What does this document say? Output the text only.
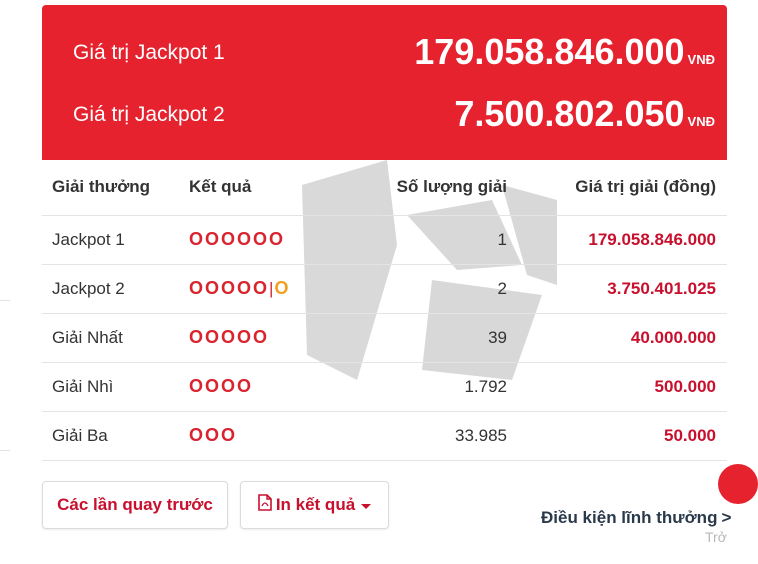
Giá trị Jackpot 1	179.058.846.000 VNĐ
Giá trị Jackpot 2	7.500.802.050 VNĐ
Giải thưởng	Kết quả	Số lượng giải	Giá trị giải (đồng)
Jackpot 1	OOOOOO	1	179.058.846.000
Jackpot 2	OOOOO|O	2	3.750.401.025
Giải Nhất	OOOOO	39	40.000.000
Giải Nhì	OOOO	1.792	500.000
Giải Ba	OOO	33.985	50.000
Các lần quay trước	In kết quả
Điều kiện lĩnh thưởng >
Trở
